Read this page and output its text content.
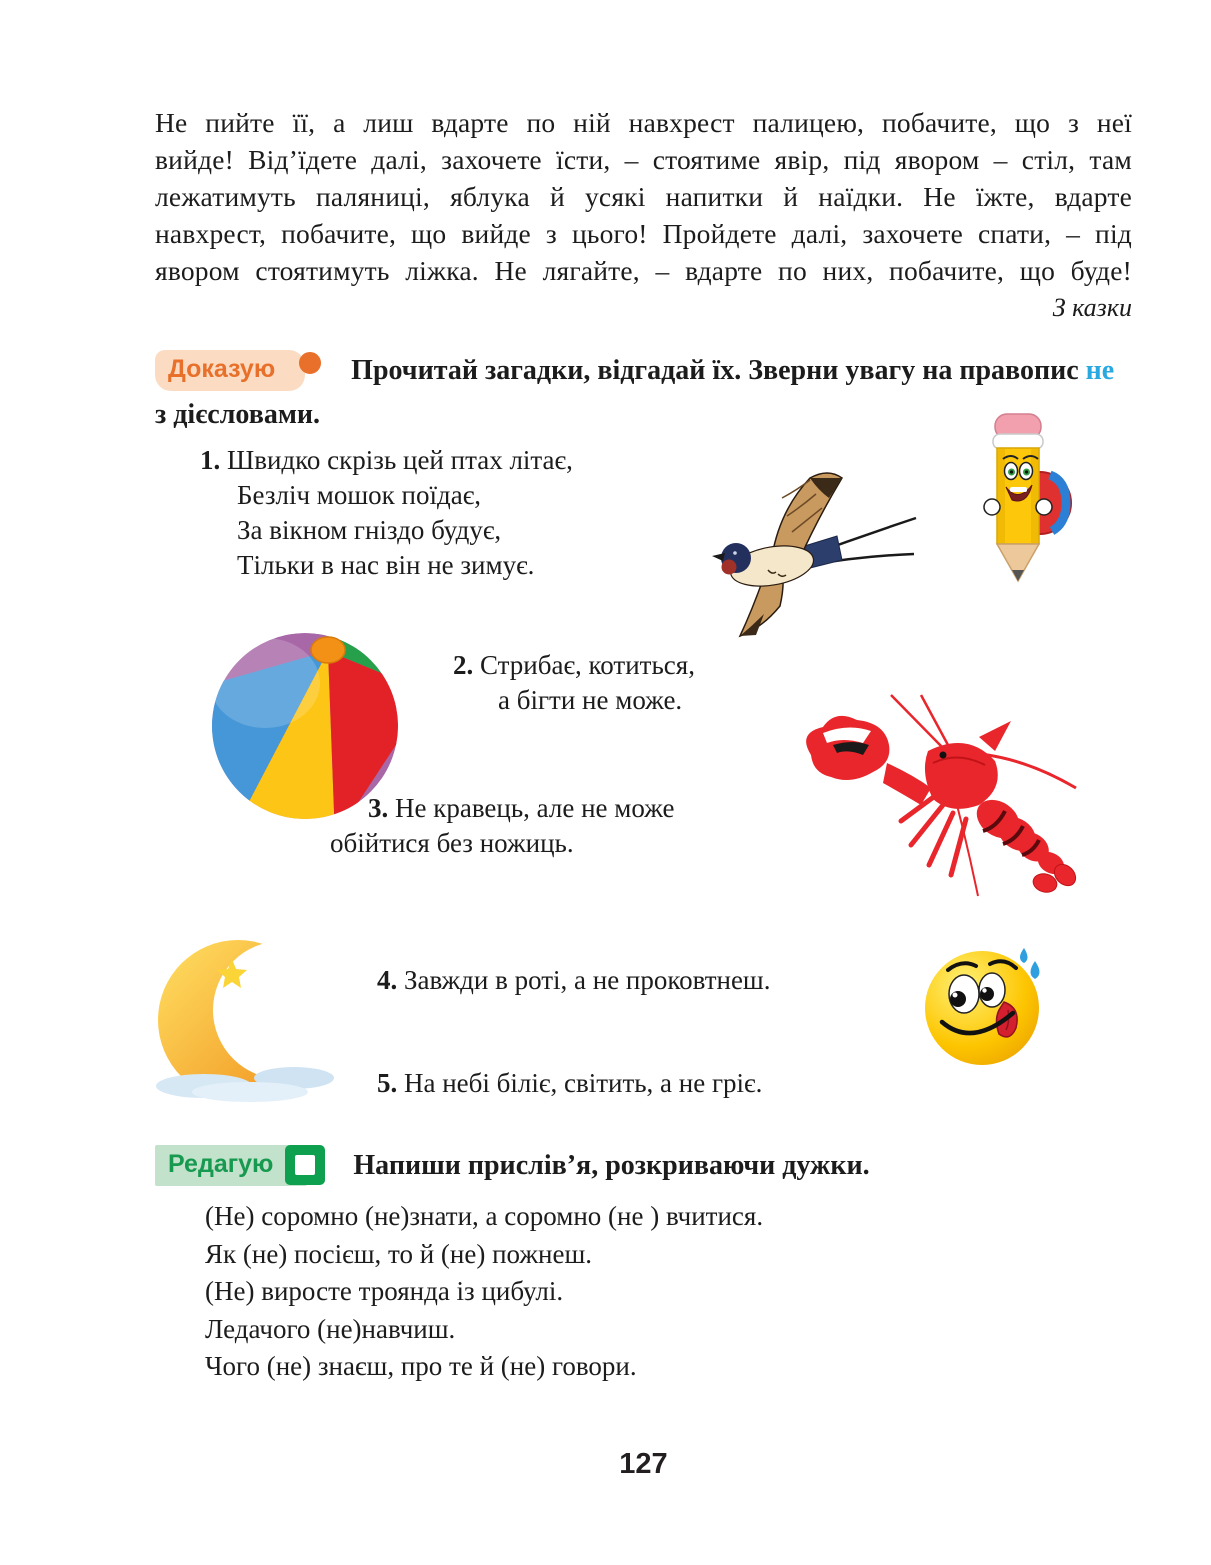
Не пийте її, а лиш вдарте по ній навхрест палицею, побачите, що з неї
вийде! Від’їдете далі, захочете їсти, – стоятиме явір, під явором – стіл, там
лежатимуть паляниці, яблука й усякі напитки й наїдки. Не їжте, вдарте
навхрест, побачите, що вийде з цього! Пройдете далі, захочете спати, – під
явором стоятимуть ліжка. Не лягайте, – вдарте по них, побачите, що буде!
З казки
Доказую	Прочитай загадки, відгадай їх. Зверни увагу на правопис не
з дієсловами.
1. Швидко скрізь цей птах літає,
Безліч мошок поїдає,
За вікном гніздо будує,
Тільки в нас він не зимує.
2. Стрибає, котиться,
а бігти не може.
3. Не кравець, але не може
обійтися без ножиць.
4. Завжди в роті, а не проковтнеш.
5. На небі біліє, світить, а не гріє.
Редагую	Напиши прислів’я, розкриваючи дужки.
(Не) соромно (не)знати, а соромно (не ) вчитися.
Як (не) посієш, то й (не) пожнеш.
(Не) виросте троянда із цибулі.
Ледачого (не)навчиш.
Чого (не) знаєш, про те й (не) говори.
127
